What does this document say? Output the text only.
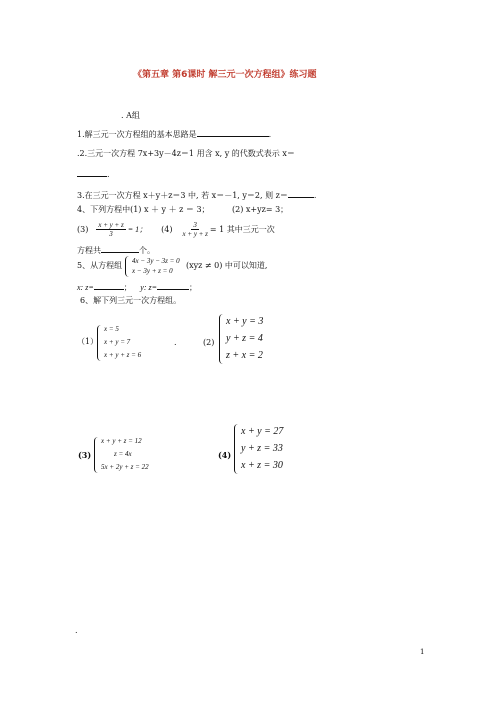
《第五章 第6课时 解三元一次方程组》练习题
. A组
1.解三元一次方程组的基本思路是	.
.2.三元一次方程 7x+3y－4z＝1 用含 x, y 的代数式表示 x＝
.
3.在三元一次方程 x＋y＋z＝3 中, 若 x＝－1, y＝2, 则 z＝	.
4、下列方程中(1) x ＋ y ＋ z ＝ 3；	(2) x+yz= 3；
$(3) \frac{x + y + z}{3} = 1$； $(4) \frac{3}{x + y + z} = 1$ 其中三元一次
方程共	个。
5、从方程组 4x − 3y − 3z = 0
x − 3y + z = 0
(xyz ≠ 0) 中可以知道,
x: z=	； y: z=	；
6、解下列三元一次方程组。
（1）
x = 5
x + y = 7
x + y + z = 6
.	(2)
x + y = 3
y + z = 4
z + x = 2
(3)
x + y + z = 12
z = 4x
5x + 2y + z = 22
(4)
x + y = 27
y + z = 33
x + z = 30
.
1
